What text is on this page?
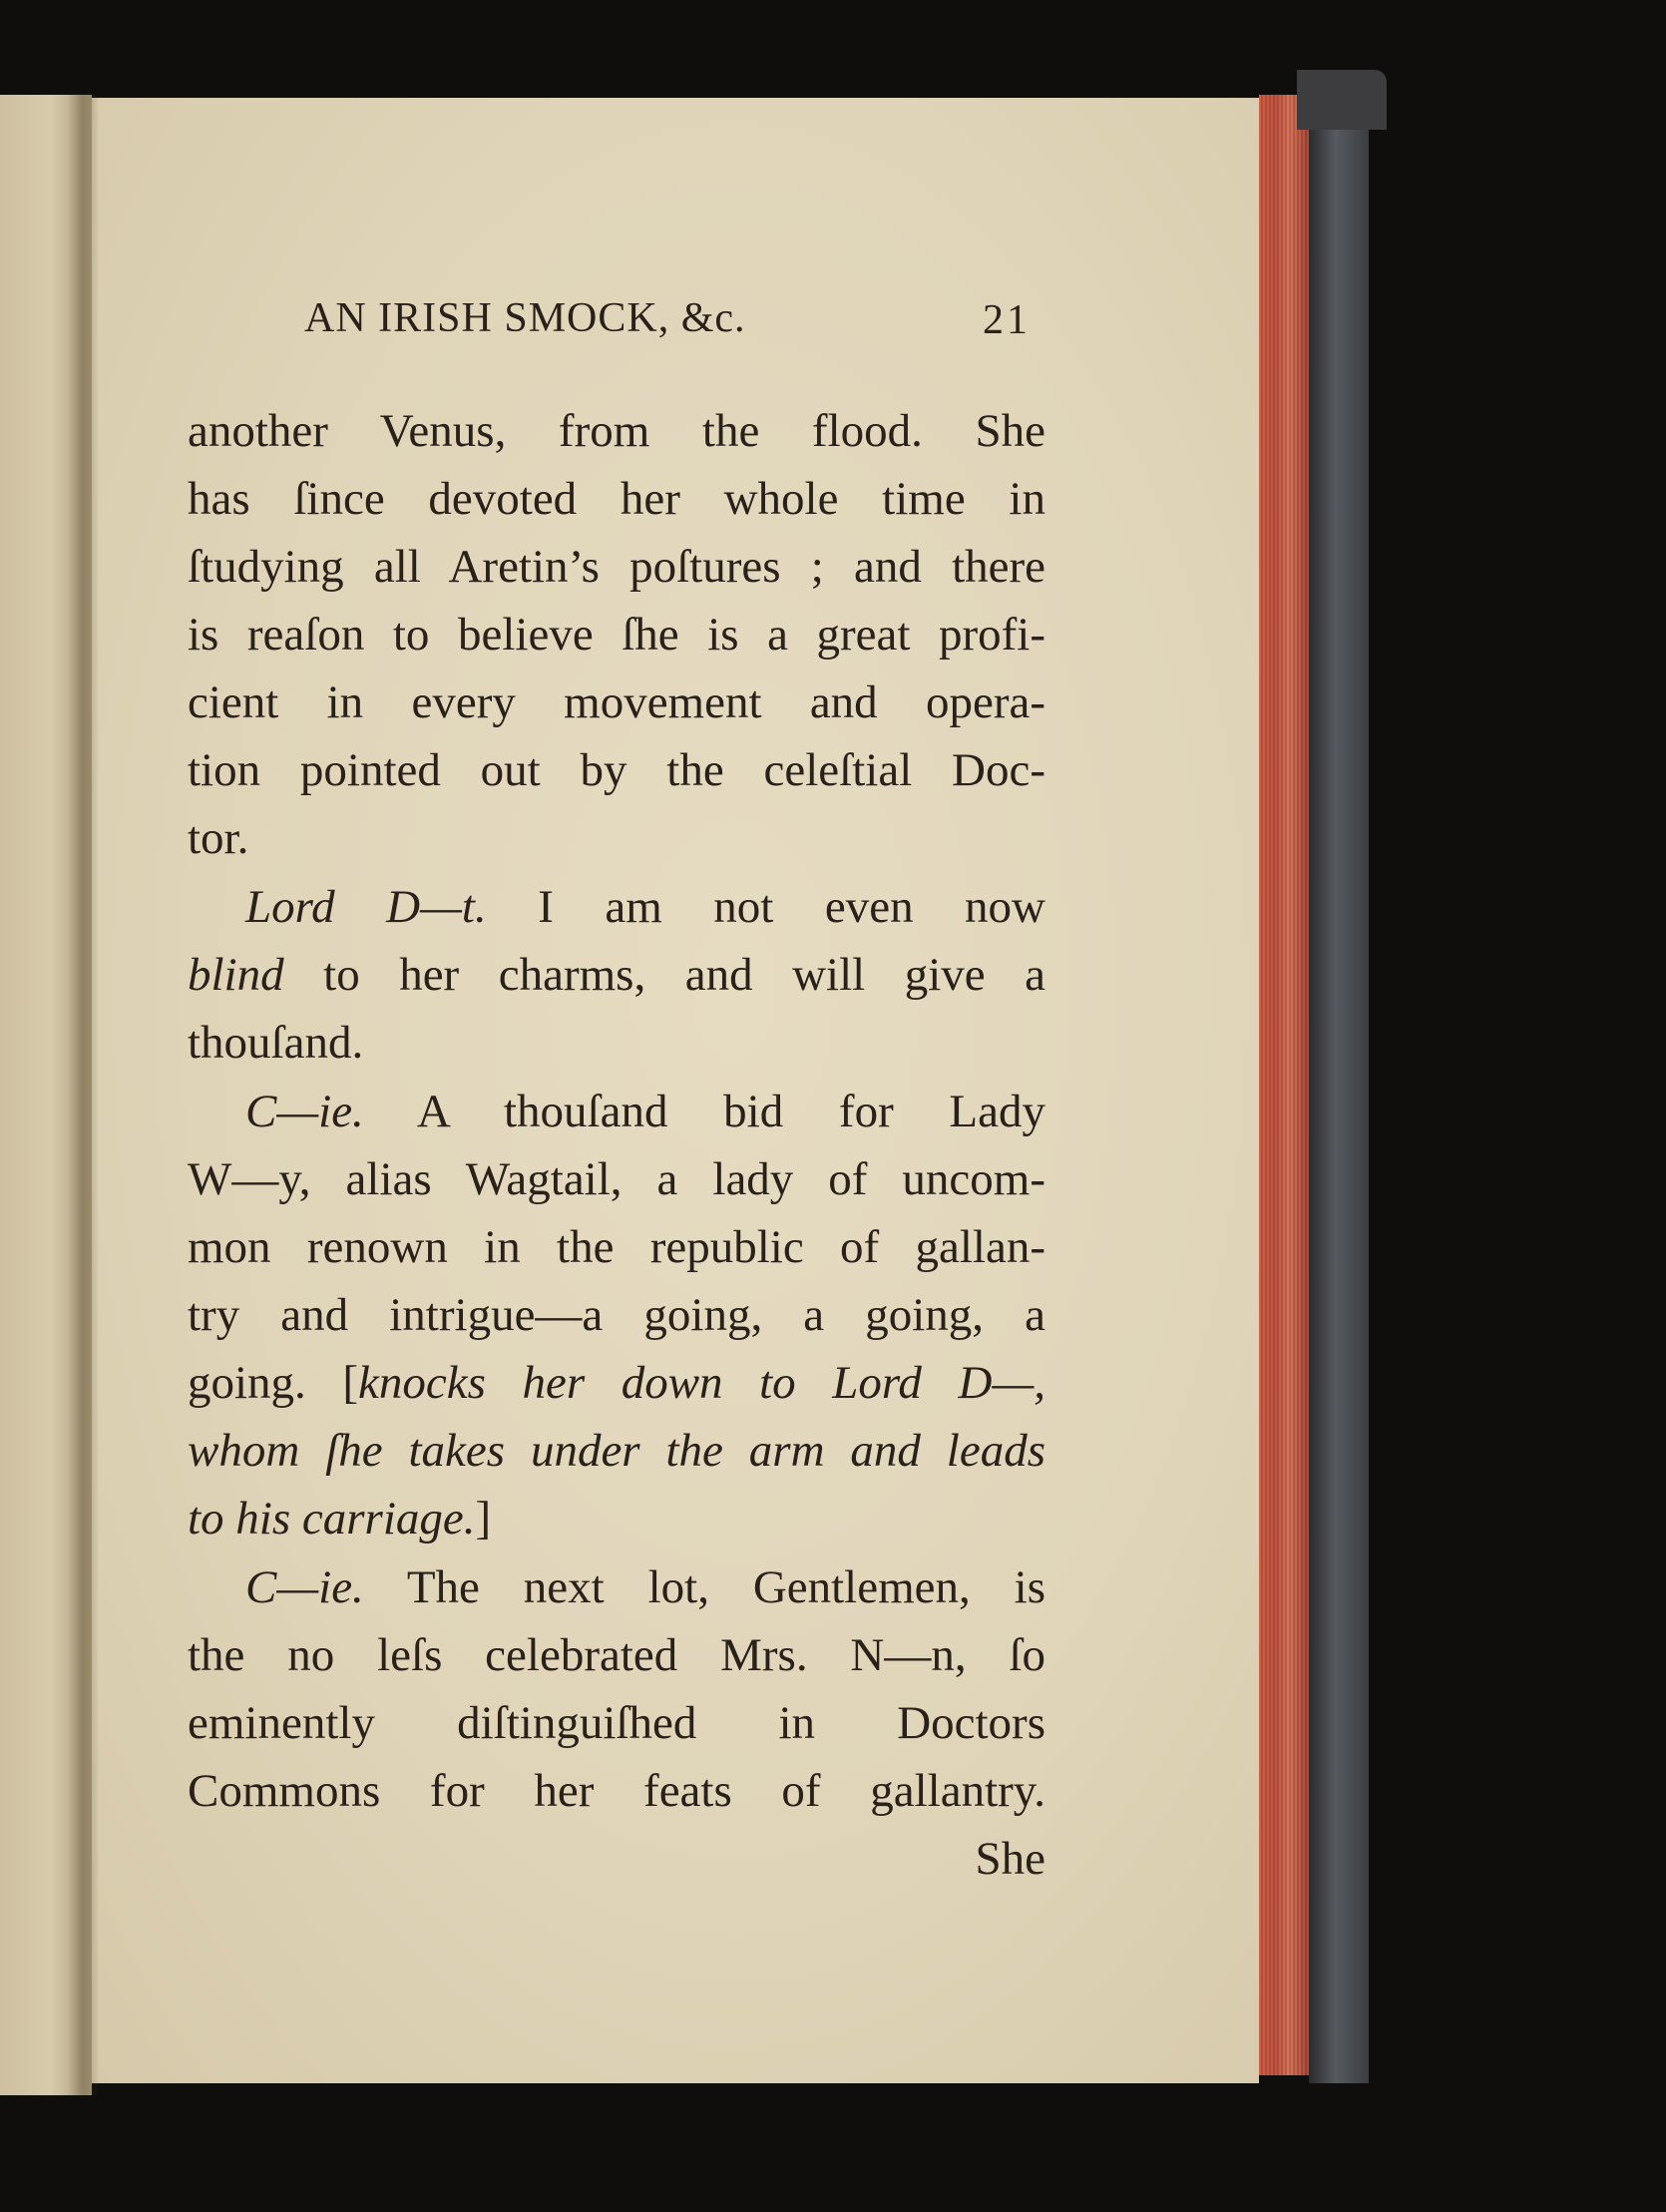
AN IRISH SMOCK, &c.	21
another Venus, from the flood. She
has ſince devoted her whole time in
ſtudying all Aretin’s poſtures ; and there
is reaſon to believe ſhe is a great profi-
cient in every movement and opera-
tion pointed out by the celeſtial Doc-
tor.
Lord D—t. I am not even now
blind to her charms, and will give a
thouſand.
C—ie. A thouſand bid for Lady
W—y, alias Wagtail, a lady of uncom-
mon renown in the republic of gallan-
try and intrigue—a going, a going, a
going. [knocks her down to Lord D—,
whom ſhe takes under the arm and leads
to his carriage.]
C—ie. The next lot, Gentlemen, is
the no leſs celebrated Mrs. N—n, ſo
eminently diſtinguiſhed in Doctors
Commons for her feats of gallantry.
She
